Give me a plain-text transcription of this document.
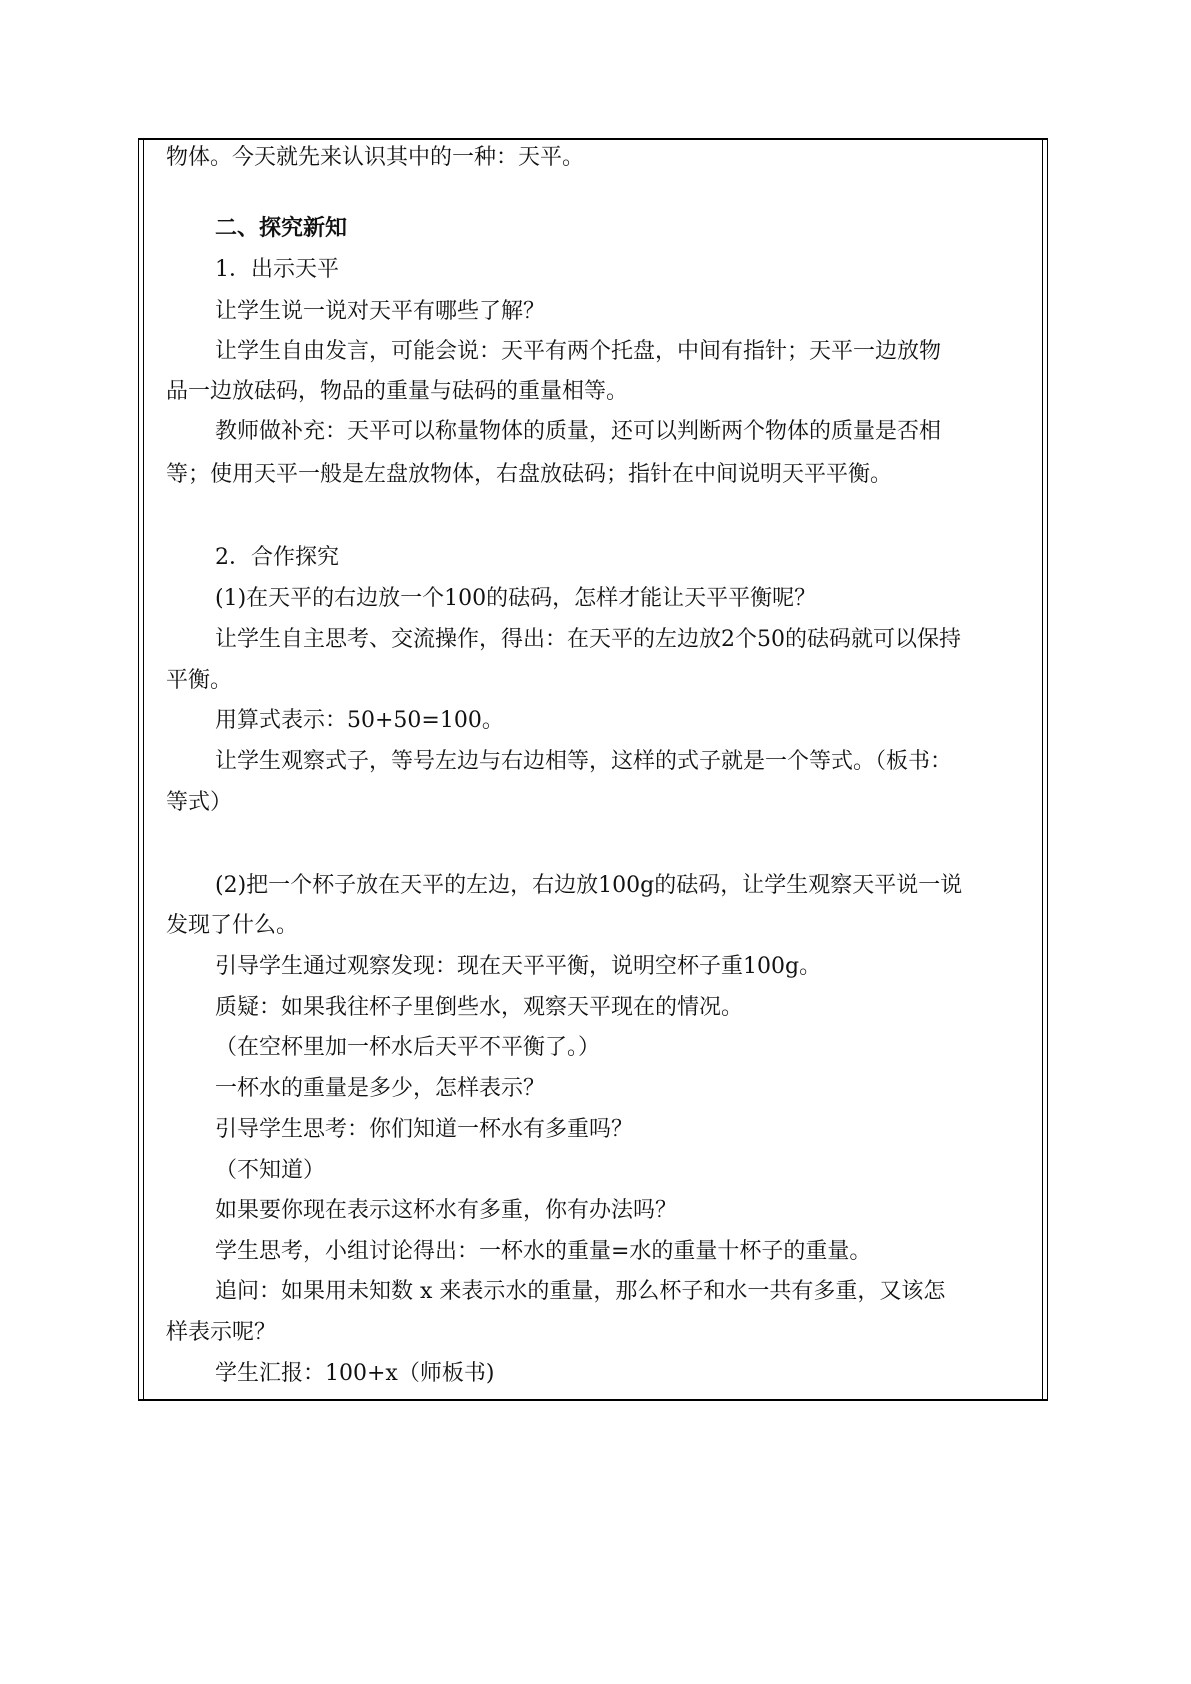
物体。今天就先来认识其中的一种：天平。
二、探究新知
1．出示天平
让学生说一说对天平有哪些了解？
让学生自由发言，可能会说：天平有两个托盘，中间有指针；天平一边放物
品一边放砝码，物品的重量与砝码的重量相等。
教师做补充：天平可以称量物体的质量，还可以判断两个物体的质量是否相
等；使用天平一般是左盘放物体，右盘放砝码；指针在中间说明天平平衡。
2．合作探究
(1)在天平的右边放一个100的砝码，怎样才能让天平平衡呢？
让学生自主思考、交流操作，得出：在天平的左边放2个50的砝码就可以保持
平衡。
用算式表示：50+50=100。
让学生观察式子，等号左边与右边相等，这样的式子就是一个等式。（板书：
等式）
(2)把一个杯子放在天平的左边，右边放100g的砝码，让学生观察天平说一说
发现了什么。
引导学生通过观察发现：现在天平平衡，说明空杯子重100g。
质疑：如果我往杯子里倒些水，观察天平现在的情况。
（在空杯里加一杯水后天平不平衡了。）
一杯水的重量是多少，怎样表示？
引导学生思考：你们知道一杯水有多重吗？
（不知道）
如果要你现在表示这杯水有多重，你有办法吗？
学生思考，小组讨论得出：一杯水的重量=水的重量十杯子的重量。
追问：如果用未知数 x 来表示水的重量，那么杯子和水一共有多重，又该怎
样表示呢？
学生汇报：100+x（师板书)
